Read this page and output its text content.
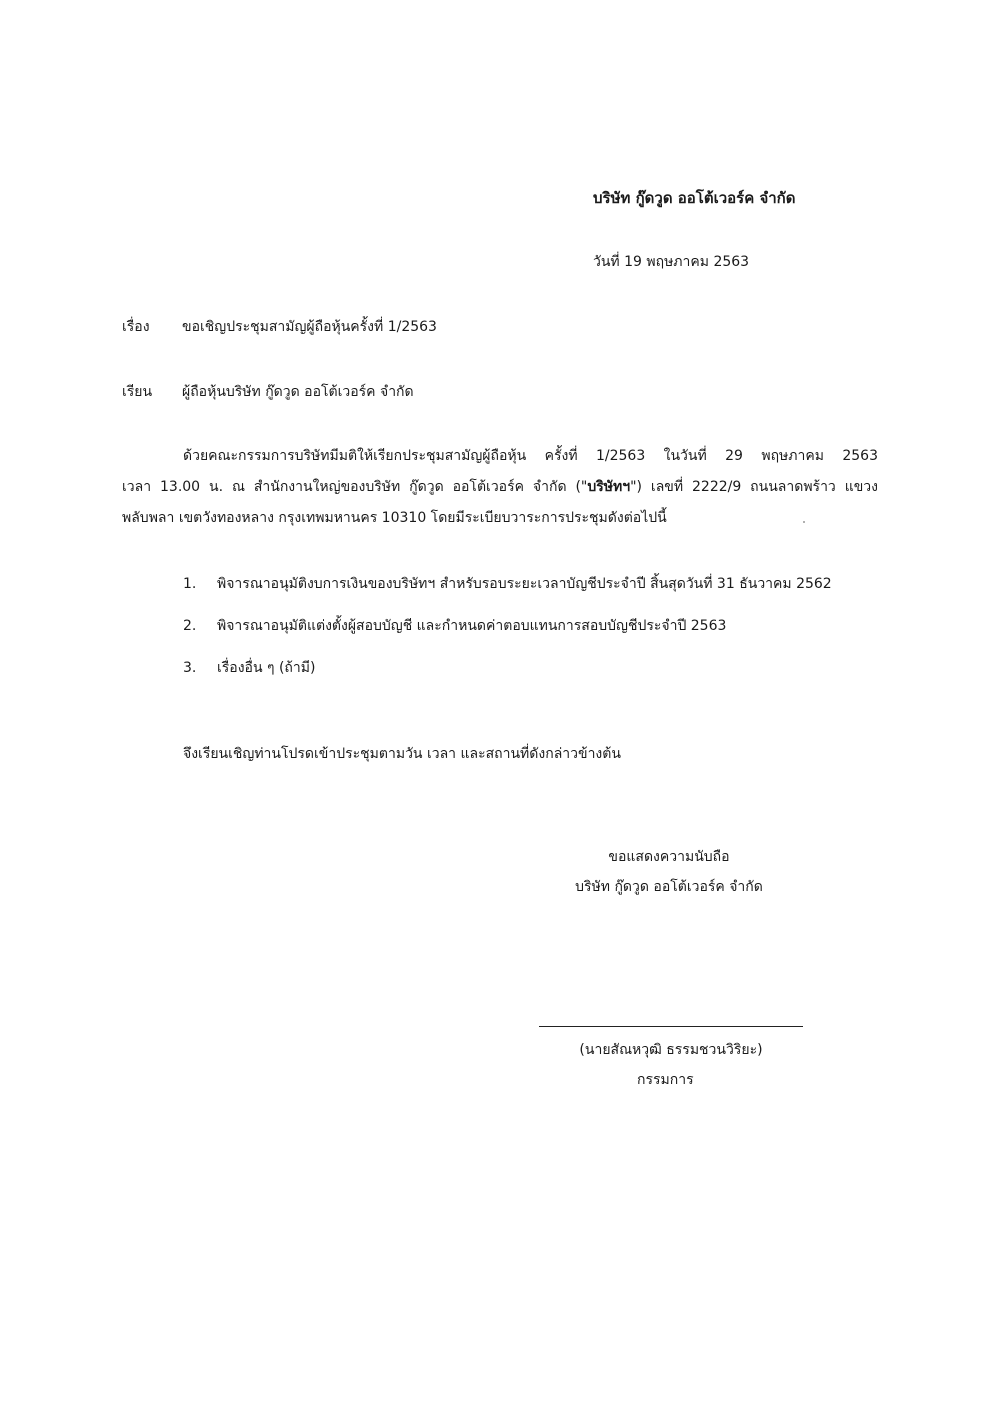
บริษัท กู๊ดวูด ออโต้เวอร์ค จำกัด
วันที่ 19 พฤษภาคม 2563
เรื่อง ขอเชิญประชุมสามัญผู้ถือหุ้นครั้งที่ 1/2563
เรียน ผู้ถือหุ้นบริษัท กู๊ดวูด ออโต้เวอร์ค จำกัด
ด้วยคณะกรรมการบริษัทมีมติให้เรียกประชุมสามัญผู้ถือหุ้น ครั้งที่ 1/2563 ในวันที่ 29 พฤษภาคม 2563
เวลา 13.00 น. ณ สำนักงานใหญ่ของบริษัท กู๊ดวูด ออโต้เวอร์ค จำกัด ("บริษัทฯ") เลขที่ 2222/9 ถนนลาดพร้าว แขวง
พลับพลา เขตวังทองหลาง กรุงเทพมหานคร 10310 โดยมีระเบียบวาระการประชุมดังต่อไปนี้
1. พิจารณาอนุมัติงบการเงินของบริษัทฯ สำหรับรอบระยะเวลาบัญชีประจำปี สิ้นสุดวันที่ 31 ธันวาคม 2562
2. พิจารณาอนุมัติแต่งตั้งผู้สอบบัญชี และกำหนดค่าตอบแทนการสอบบัญชีประจำปี 2563
3. เรื่องอื่น ๆ (ถ้ามี)
จึงเรียนเชิญท่านโปรดเข้าประชุมตามวัน เวลา และสถานที่ดังกล่าวข้างต้น
ขอแสดงความนับถือ
บริษัท กู๊ดวูด ออโต้เวอร์ค จำกัด
(นายสัณหวุฒิ ธรรมชวนวิริยะ)
กรรมการ
